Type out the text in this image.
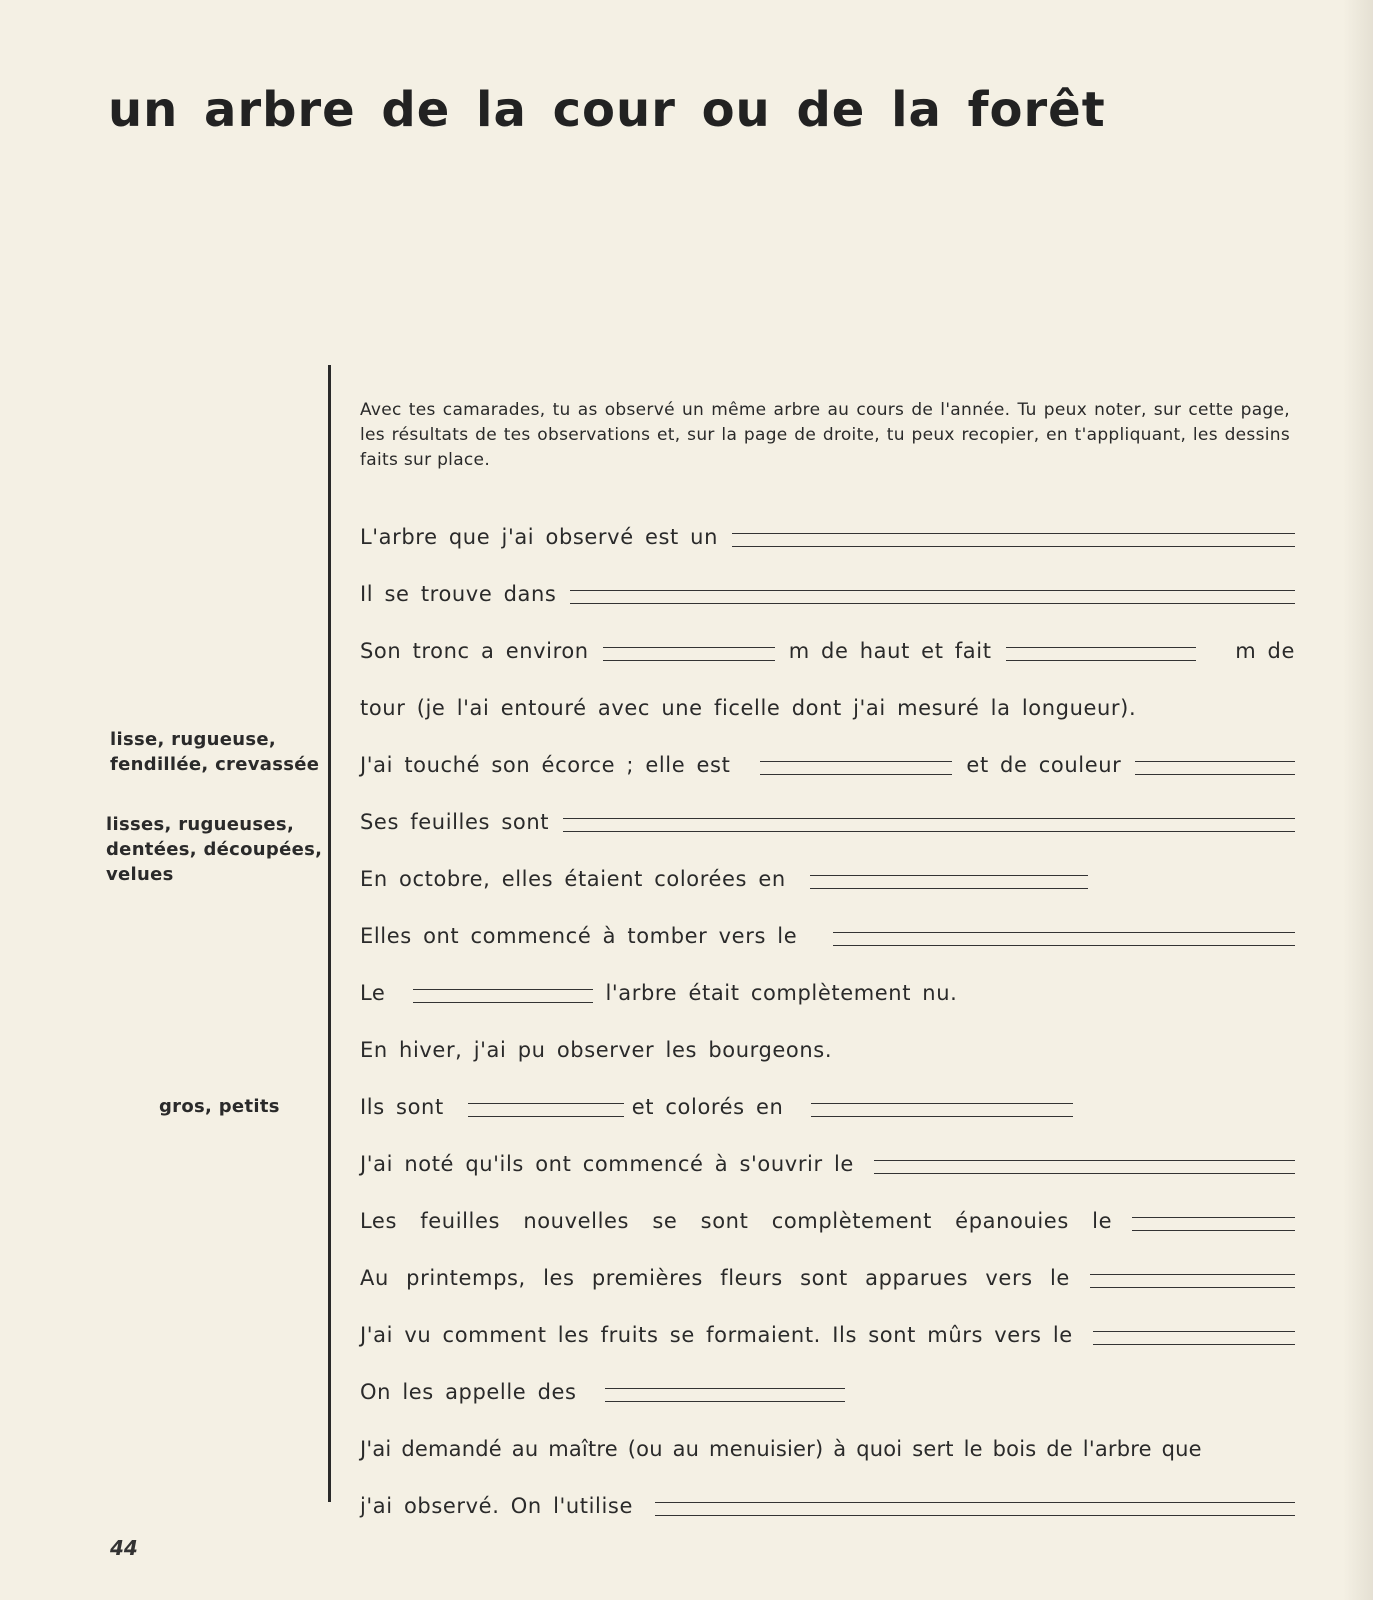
un arbre de la cour ou de la forêt

Avec tes camarades, tu as observé un même arbre au cours de l'année. Tu peux noter, sur cette page, les résultats de tes observations et, sur la page de droite, tu peux recopier, en t'appliquant, les dessins faits sur place.

lisse, rugueuse,
fendillée, crevassée
lisses, rugueuses,
dentées, découpées,
velues
gros, petits
L'arbre que j'ai observé est un
Il se trouve dans
Son tronc a environ	m de haut et fait	m de
tour (je l'ai entouré avec une ficelle dont j'ai mesuré la longueur).
J'ai touché son écorce ; elle est	et de couleur
Ses feuilles sont
En octobre, elles étaient colorées en
Elles ont commencé à tomber vers le
Le	l'arbre était complètement nu.
En hiver, j'ai pu observer les bourgeons.
Ils sont	et colorés en
J'ai noté qu'ils ont commencé à s'ouvrir le
Les feuilles nouvelles se sont complètement épanouies le
Au printemps, les premières fleurs sont apparues vers le
J'ai vu comment les fruits se formaient. Ils sont mûrs vers le
On les appelle des
J'ai demandé au maître (ou au menuisier) à quoi sert le bois de l'arbre que
j'ai observé. On l'utilise
44
